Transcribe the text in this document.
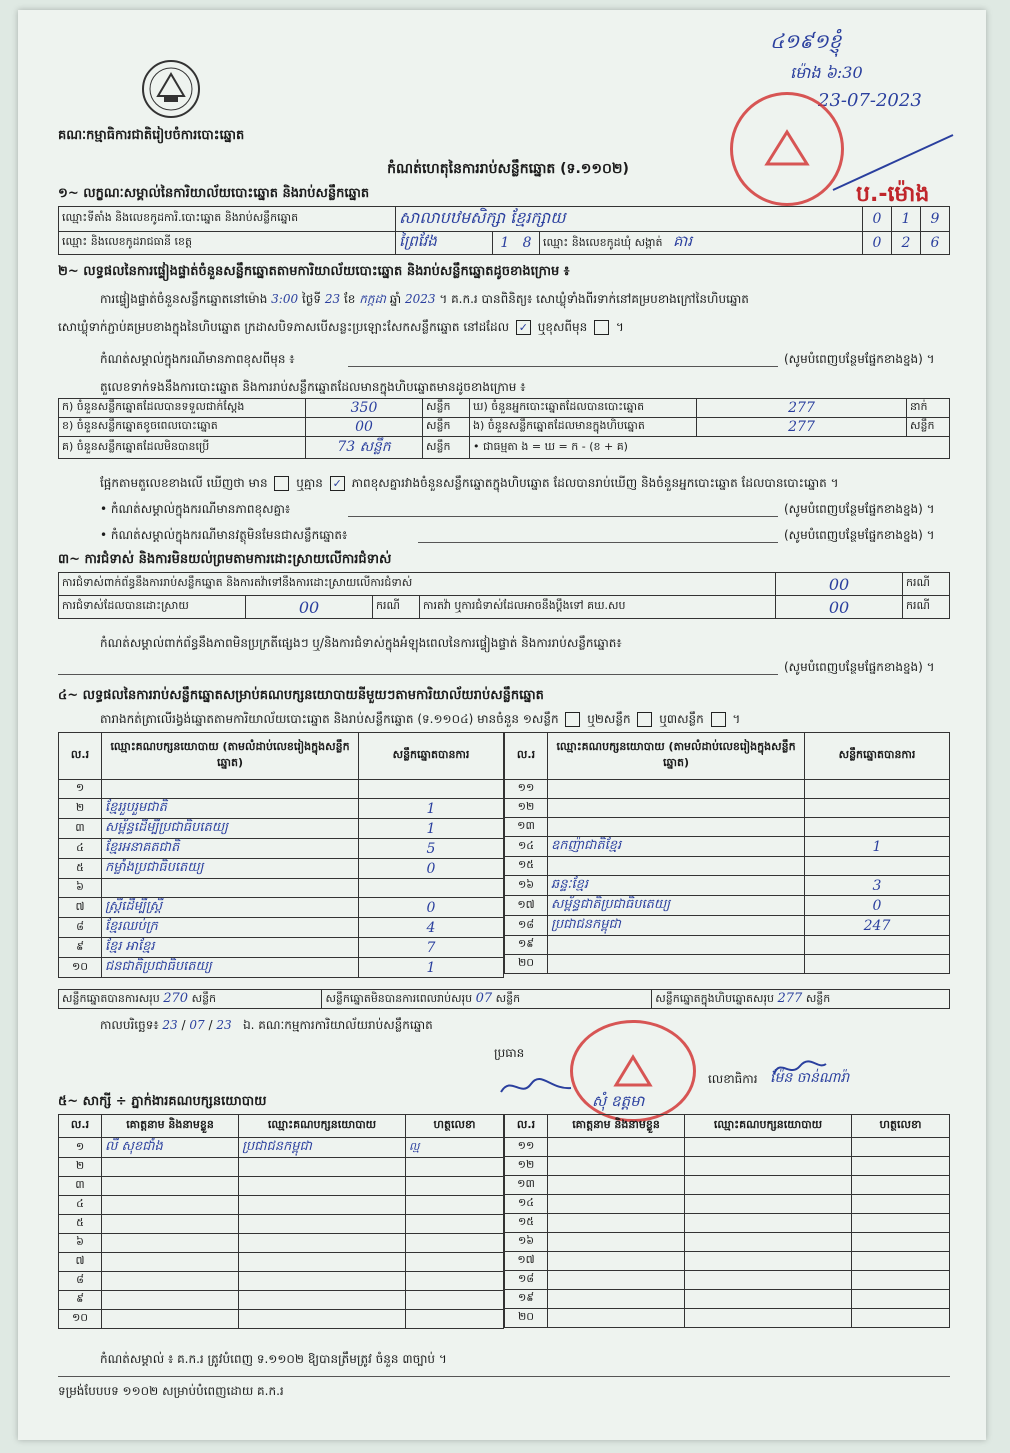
គណៈកម្មាធិការជាតិរៀបចំការបោះឆ្នោត
៤១៩១ខ្ញុំ
ម៉ោង ៦:30
23-07-2023
ប.-ម៉ោង
កំណត់ហេតុនៃការរាប់សន្លឹកឆ្នោត (ទ.១១០២)
១~ លក្ខណៈសម្គាល់នៃការិយាល័យបោះឆ្នោត និងរាប់សន្លឹកឆ្នោត
ឈ្មោះទីតាំង និងលេខកូដការិ.បោះឆ្នោត និងរាប់សន្លឹកឆ្នោត	សាលាបឋមសិក្សា ខ្មែរក្សាយ			0	1	9
ឈ្មោះ និងលេខកូដរាជធានី ខេត្ត	ព្រៃវែង	1 8	ឈ្មោះ និងលេខកូដឃុំ សង្កាត់ គារ	0	2	6
២~ លទ្ធផលនៃការផ្ទៀងផ្ទាត់ចំនួនសន្លឹកឆ្នោតតាមការិយាល័យបោះឆ្នោត និងរាប់សន្លឹកឆ្នោតដូចខាងក្រោម ៖
ការផ្ទៀងផ្ទាត់ចំនួនសន្លឹកឆ្នោតនៅម៉ោង 3:00 ថ្ងៃទី 23 ខែ កក្កដា ឆ្នាំ 2023 ។ គ.ក.រ បានពិនិត្យ៖ សោឃ្លុំទាំងពីរទាក់នៅគម្របខាងក្រៅនៃហិបឆ្នោត
សោឃ្លុំទាក់ភ្ជាប់គម្របខាងក្នុងនៃហិបឆ្នោត ក្រដាសបិទភាសបើសន្លះប្រឡោះសែកសន្លឹកឆ្នោត នៅដដែល ✓ ឬខុសពីមុន  ។
កំណត់សម្គាល់ក្នុងករណីមានភាពខុសពីមុន ៖	(សូមបំពេញបន្ថែមផ្នែកខាងខ្នង) ។
តួលេខទាក់ទងនឹងការបោះឆ្នោត និងការរាប់សន្លឹកឆ្នោតដែលមានក្នុងហិបឆ្នោតមានដូចខាងក្រោម ៖
ក) ចំនួនសន្លឹកឆ្នោតដែលបានទទួលជាក់ស្តែង	350	សន្លឹក	ឃ) ចំនួនអ្នកបោះឆ្នោតដែលបានបោះឆ្នោត	277	នាក់
ខ) ចំនួនសន្លឹកឆ្នោតខូចពេលបោះឆ្នោត	00	សន្លឹក	ង) ចំនួនសន្លឹកឆ្នោតដែលមានក្នុងហិបឆ្នោត	277	សន្លឹក
គ) ចំនួនសន្លឹកឆ្នោតដែលមិនបានប្រើ	73 សន្លឹក	សន្លឹក	• ជាធម្មតា ង = ឃ = ក - (ខ + គ)		
ផ្អែកតាមតួលេខខាងលើ ឃើញថា មាន ឬគ្មាន ✓ ភាពខុសគ្នារវាងចំនួនសន្លឹកឆ្នោតក្នុងហិបឆ្នោត ដែលបានរាប់ឃើញ និងចំនួនអ្នកបោះឆ្នោត ដែលបានបោះឆ្នោត ។
• កំណត់សម្គាល់ក្នុងករណីមានភាពខុសគ្នា៖	(សូមបំពេញបន្ថែមផ្នែកខាងខ្នង) ។
• កំណត់សម្គាល់ក្នុងករណីមានវត្ថុមិនមែនជាសន្លឹកឆ្នោត៖	(សូមបំពេញបន្ថែមផ្នែកខាងខ្នង) ។
៣~ ការជំទាស់ និងការមិនយល់ព្រមតាមការដោះស្រាយលើការជំទាស់
ការជំទាស់ពាក់ព័ន្ធនឹងការរាប់សន្លឹកឆ្នោត និងការតវ៉ាទៅនឹងការដោះស្រាយលើការជំទាស់				00	ករណី
ការជំទាស់ដែលបានដោះស្រាយ	00	ករណី	ការតវ៉ា ឬការជំទាស់ដែលអាចនឹងប្តឹងទៅ គឃ.សប	00	ករណី
កំណត់សម្គាល់ពាក់ព័ន្ធនឹងភាពមិនប្រក្រតីផ្សេងៗ ឬ/និងការជំទាស់ក្នុងអំឡុងពេលនៃការផ្ទៀងផ្ទាត់ និងការរាប់សន្លឹកឆ្នោត៖
(សូមបំពេញបន្ថែមផ្នែកខាងខ្នង) ។
៤~ លទ្ធផលនៃការរាប់សន្លឹកឆ្នោតសម្រាប់គណបក្សនយោបាយនីមួយៗតាមការិយាល័យរាប់សន្លឹកឆ្នោត
តារាងកត់ត្រាលើរង្វង់ឆ្នោតតាមការិយាល័យបោះឆ្នោត និងរាប់សន្លឹកឆ្នោត (ទ.១១០៤) មានចំនួន ១សន្លឹក ឬ២សន្លឹក ឬ៣សន្លឹក  ។
ល.រ	ឈ្មោះគណបក្សនយោបាយ (តាមលំដាប់លេខរៀងក្នុងសន្លឹកឆ្នោត)	សន្លឹកឆ្នោតបានការ
១		
២	ខ្មែររួបរួមជាតិ	1
៣	សម្ព័ន្ធដើម្បីប្រជាធិបតេយ្យ	1
៤	ខ្មែរអនាគតជាតិ	5
៥	កម្លាំងប្រជាធិបតេយ្យ	0
៦		
៧	ស្ត្រីដើម្បីស្ត្រី	0
៨	ខ្មែរឈប់ក្រ	4
៩	ខ្មែរ អាខ្មែរ	7
១០	ជនជាតិប្រជាធិបតេយ្យ	1
ល.រ	ឈ្មោះគណបក្សនយោបាយ (តាមលំដាប់លេខរៀងក្នុងសន្លឹកឆ្នោត)	សន្លឹកឆ្នោតបានការ
១១		
១២		
១៣		
១៤	ឧកញ៉ាជាតិខ្មែរ	1
១៥		
១៦	ឆន្ទៈខ្មែរ	3
១៧	សម្ព័ន្ធជាតិប្រជាធិបតេយ្យ	0
១៨	ប្រជាជនកម្ពុជា	247
១៩		
២០		
សន្លឹកឆ្នោតបានការសរុប 270 សន្លឹក	សន្លឹកឆ្នោតមិនបានការពេលរាប់សរុប 07 សន្លឹក	សន្លឹកឆ្នោតក្នុងហិបឆ្នោតសរុប 277 សន្លឹក
កាលបរិច្ឆេទ៖ 23 / 07 / 23 ឯ. គណៈកម្មការការិយាល័យរាប់សន្លឹកឆ្នោត
ប្រធាន
លេខាធិការ ម៉ែន ចាន់ណារ៉ា
សុំ ឧត្តមា
៥~ សាក្សី ÷ ភ្នាក់ងារគណបក្សនយោបាយ
ល.រ	គោត្តនាម និងនាមខ្លួន	ឈ្មោះគណបក្សនយោបាយ	ហត្ថលេខា
១	លី សុខជាំង	ប្រជាជនកម្ពុជា	ល្ម
២			
៣			
៤			
៥			
៦			
៧			
៨			
៩			
១០			
ល.រ	គោត្តនាម និងនាមខ្លួន	ឈ្មោះគណបក្សនយោបាយ	ហត្ថលេខា
១១			
១២			
១៣			
១៤			
១៥			
១៦			
១៧			
១៨			
១៩			
២០			
កំណត់សម្គាល់ ៖ គ.ក.រ ត្រូវបំពេញ ទ.១១០២ ឱ្យបានត្រឹមត្រូវ ចំនួន ៣ច្បាប់ ។
ទម្រង់បែបបទ ១១០២ សម្រាប់បំពេញដោយ គ.ក.រ
